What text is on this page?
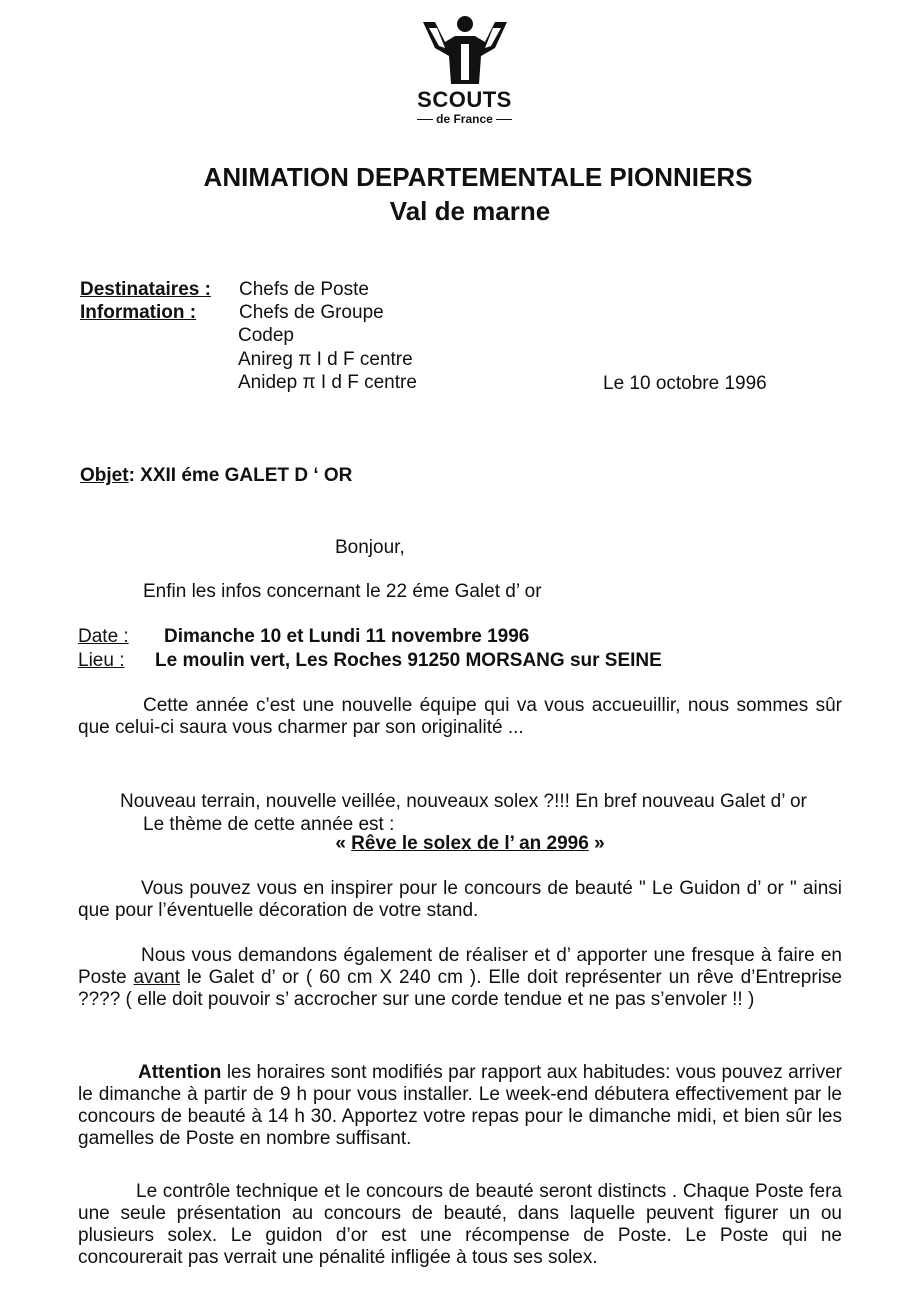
SCOUTS
de France
ANIMATION DEPARTEMENTALE PIONNIERS
Val de marne
Destinataires :
Information :
Chefs de Poste
Chefs de Groupe
Codep
Anireg π I d F centre
Anidep π I d F centre	Le 10 octobre 1996
Objet: XXII éme GALET D ‘ OR
Bonjour,
Enfin les infos concernant le 22 éme Galet d’ or
Date : Dimanche 10 et Lundi 11 novembre 1996
Lieu : Le moulin vert, Les Roches 91250 MORSANG sur SEINE
Cette année c’est une nouvelle équipe qui va vous accueuillir, nous sommes sûr que celui-ci saura vous charmer par son originalité ...
Nouveau terrain, nouvelle veillée, nouveaux solex ?!!! En bref nouveau Galet d’ or
Le thème de cette année est :
« Rêve le solex de l’ an 2996 »
Vous pouvez vous en inspirer pour le concours de beauté " Le Guidon d’ or " ainsi que pour l’éventuelle décoration de votre stand.
Nous vous demandons également de réaliser et d’ apporter une fresque à faire en Poste avant le Galet d’ or ( 60 cm X 240 cm ). Elle doit représenter un rêve d’Entreprise ???? ( elle doit pouvoir s’ accrocher sur une corde tendue et ne pas s’envoler !! )
Attention les horaires sont modifiés par rapport aux habitudes: vous pouvez arriver le dimanche à partir de 9 h pour vous installer. Le week-end débutera effectivement par le concours de beauté à 14 h 30. Apportez votre repas pour le dimanche midi, et bien sûr les gamelles de Poste en nombre suffisant.
Le contrôle technique et le concours de beauté seront distincts . Chaque Poste fera une seule présentation au concours de beauté, dans laquelle peuvent figurer un ou plusieurs solex. Le guidon d’or est une récompense de Poste. Le Poste qui ne concourerait pas verrait une pénalité infligée à tous ses solex.
